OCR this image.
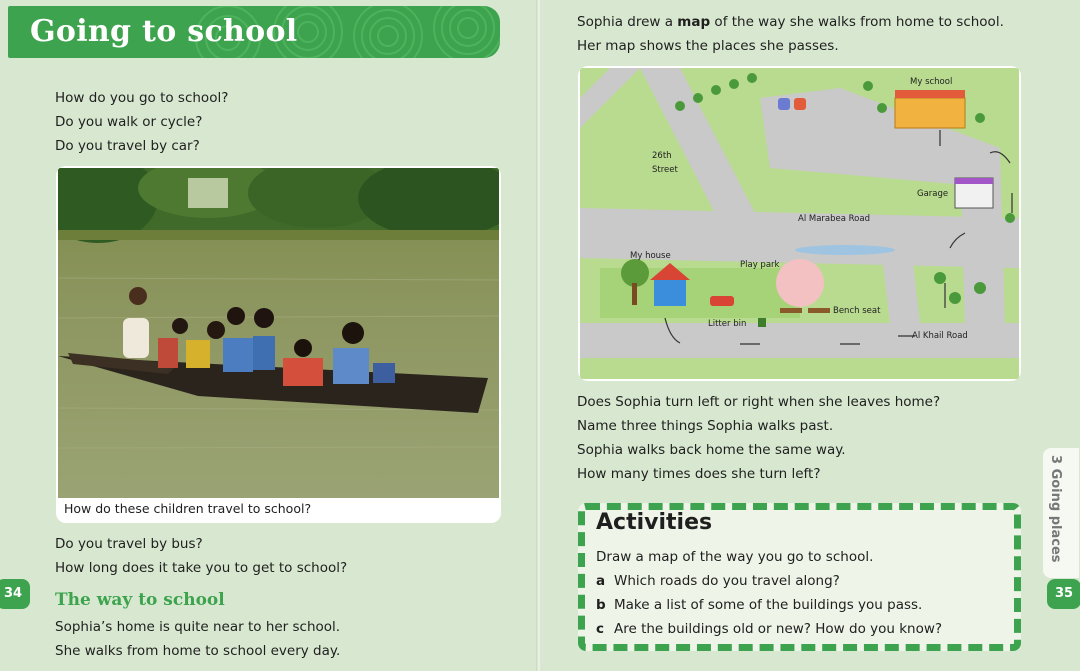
Going to school
How do you go to school?
Do you walk or cycle?
Do you travel by car?
How do these children travel to school?
Do you travel by bus?
How long does it take you to get to school?
The way to school
Sophia’s home is quite near to her school.
She walks from home to school every day.
34
Sophia drew a map of the way she walks from home to school.
Her map shows the places she passes.
My school
26th
Street
Garage
Al Marabea Road
My house
Play park
Bench seat
Litter bin
Al Khail Road
Does Sophia turn left or right when she leaves home?
Name three things Sophia walks past.
Sophia walks back home the same way.
How many times does she turn left?
Activities
Draw a map of the way you go to school.
a Which roads do you travel along?
b Make a list of some of the buildings you pass.
c Are the buildings old or new? How do you know?
3 Going places
35
